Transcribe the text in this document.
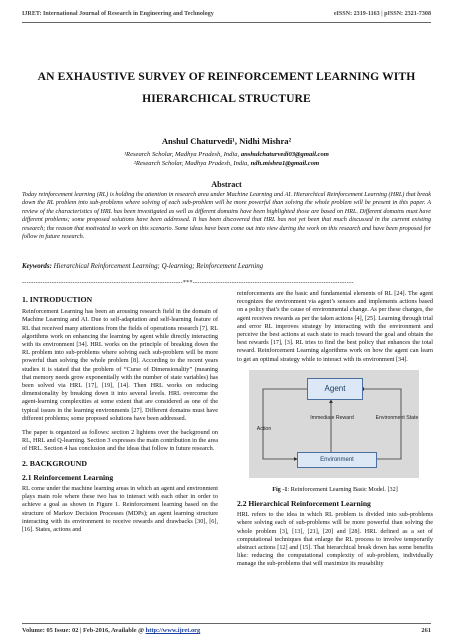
IJRET: International Journal of Research in Engineering and Technology	eISSN: 2319-1163 | pISSN: 2321-7308
AN EXHAUSTIVE SURVEY OF REINFORCEMENT LEARNING WITH HIERARCHICAL STRUCTURE
Anshul Chaturvedi¹, Nidhi Mishra²
¹Research Scholar, Madhya Pradesh, India, anshulchaturvedi03@gmail.com
²Research Scholar, Madhya Pradesh, India, ndh.mishra1@gmail.com
Abstract
Today reinforcement learning (RL) is holding the attention in research area under Machine Learning and AI. Hierarchical Reinforcement Learning (HRL) that break down the RL problem into sub-problems where solving of each sub-problem will be more powerful than solving the whole problem will be present in this paper. A review of the characteristics of HRL has been investigated as well as different domains have been highlighted those are based on HRL. Different domains must have different problems; some proposed solutions have been addressed. It has been discovered that HRL has not yet been that much discussed in the current existing research; the reason that motivated to work on this scenario. Some ideas have been come out into view during the work on this research and have been proposed for follow in future research.
Keywords: Hierarchical Reinforcement Learning; Q-learning; Reinforcement Learning
----------------------------------------------------------------------***----------------------------------------------------------------------
1. INTRODUCTION

Reinforcement Learning has been an arousing research field in the domain of Machine Learning and AI. Due to self-adaptation and self-learning feature of RL that received many attentions from the fields of operations research [7]. RL algorithms work on enhancing the learning by agent while directly interacting with its environment [34]. HRL works on the principle of breaking down the RL problem into sub-problems where solving each sub-problem will be more powerful than solving the whole problem [8]. According to the recent years studies it is stated that the problem of “Curse of Dimensionality” (meaning that memory needs grow exponentially with the number of state variables) has been solved via HRL [17], [19], [14]. Then HRL works on reducing dimensionality by breaking down it into several levels. HRL overcome the agent-learning complexities at some extent that are considered as one of the typical issues in the learning environments [27]. Different domains must have different problems; some proposed solutions have been addressed.

The paper is organized as follows: section 2 lightens over the background on RL, HRL and Q-learning. Section 3 expresses the main contribution in the area of HRL. Section 4 has conclusion and the ideas that follow in future research.

2. BACKGROUND
2.1 Reinforcement Learning

RL come under the machine learning areas in which an agent and environment plays main role where these two has to interact with each other in order to achieve a goal as shown in Figure 1. Reinforcement learning based on the structure of Markov Decision Processes (MDPs); an agent learning structure interacting with its environment to receive rewards and drawbacks [30], [6], [16]. States, actions and

reinforcements are the basic and fundamental elements of RL [24]. The agent recognizes the environment via agent’s sensors and implements actions based on a policy that’s the cause of environmental change. As per these changes, the agent receives rewards as per the taken actions [4], [25]. Learning through trial and error RL improves strategy by interacting with the environment and perceive the best actions at each state to reach toward the goal and obtain the best rewards [17], [3]. RL tries to find the best policy that enhances the total reward. Reinforcement Learning algorithms work on how the agent can learn to get an optimal strategy while to interact with its environment [34].

Agent
Environment
Action
Immediate Reward	Environment State
Fig -1: Reinforcement Learning Basic Model. [32]
2.2 Hierarchical Reinforcement Learning

HRL refers to the idea in which RL problem is divided into sub-problems where solving each of sub-problems will be more powerful than solving the whole problem [3], [13], [21], [20] and [28]. HRL defined as a set of computational techniques that enlarge the RL process to involve temporarily abstract actions [12] and [15]. That hierarchical break down has some benefits like: reducing the computational complexity of sub-problem, individually manage the sub-problems that will maximize its reusability

Volume: 05 Issue: 02 | Feb-2016, Available @ http://www.ijret.org	261
